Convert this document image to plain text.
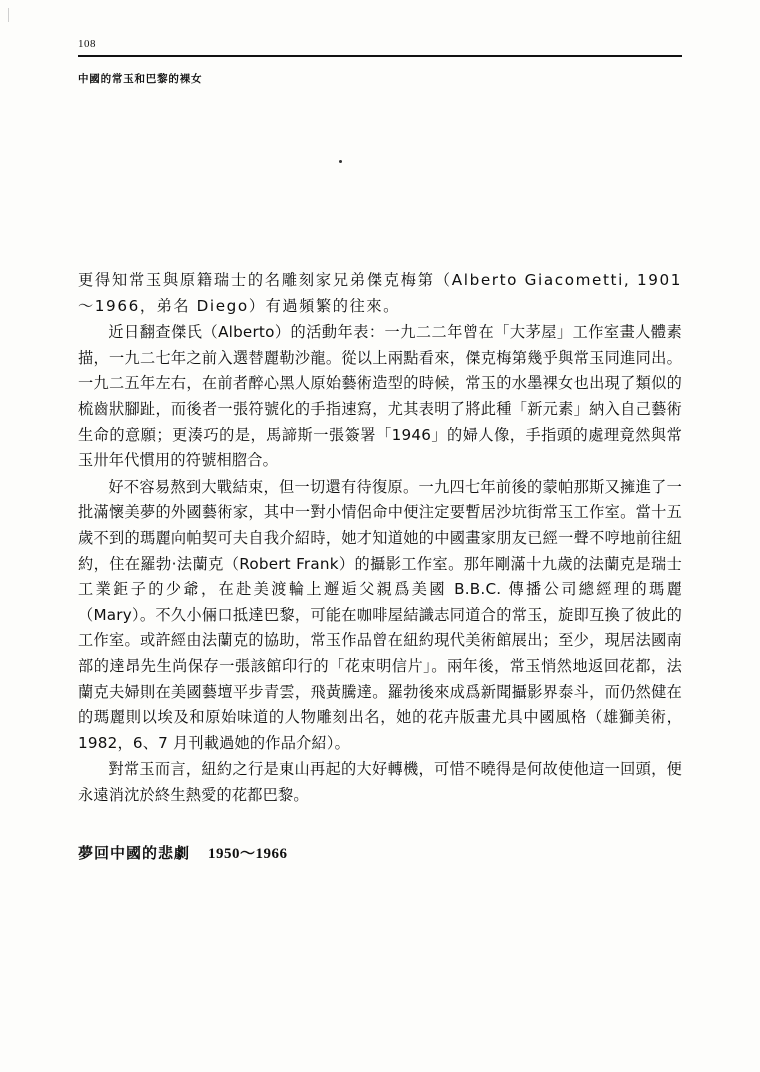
108
中國的常玉和巴黎的裸女

更得知常玉與原籍瑞士的名雕刻家兄弟傑克梅第（Alberto Giacometti, 1901～1966，弟名 Diego）有過頻繁的往來。

近日翻查傑氏（Alberto）的活動年表：一九二二年曾在「大茅屋」工作室畫人體素描，一九二七年之前入選替麗勒沙龍。從以上兩點看來，傑克梅第幾乎與常玉同進同出。一九二五年左右，在前者醉心黑人原始藝術造型的時候，常玉的水墨裸女也出現了類似的梳齒狀腳趾，而後者一張符號化的手指速寫，尤其表明了將此種「新元素」納入自己藝術生命的意願；更湊巧的是，馬諦斯一張簽署「1946」的婦人像，手指頭的處理竟然與常玉卅年代慣用的符號相脗合。

好不容易熬到大戰結束，但一切還有待復原。一九四七年前後的蒙帕那斯又擁進了一批滿懷美夢的外國藝術家，其中一對小情侶命中便注定要暫居沙坑街常玉工作室。當十五歲不到的瑪麗向帕契可夫自我介紹時，她才知道她的中國畫家朋友已經一聲不哼地前往紐約，住在羅勃‧法蘭克（Robert Frank）的攝影工作室。那年剛滿十九歲的法蘭克是瑞士工業鉅子的少爺，在赴美渡輪上邂逅父親爲美國 B.B.C. 傳播公司總經理的瑪麗（Mary）。不久小倆口抵達巴黎，可能在咖啡屋結識志同道合的常玉，旋即互換了彼此的工作室。或許經由法蘭克的協助，常玉作品曾在紐約現代美術館展出；至少，現居法國南部的達昂先生尚保存一張該館印行的「花束明信片」。兩年後，常玉悄然地返回花都，法蘭克夫婦則在美國藝壇平步青雲，飛黃騰達。羅勃後來成爲新聞攝影界泰斗，而仍然健在的瑪麗則以埃及和原始味道的人物雕刻出名，她的花卉版畫尤具中國風格（雄獅美術，1982，6、7 月刊載過她的作品介紹）。

對常玉而言，紐約之行是東山再起的大好轉機，可惜不曉得是何故使他這一回頭，便永遠消沈於終生熱愛的花都巴黎。

夢回中國的悲劇 1950～1966
